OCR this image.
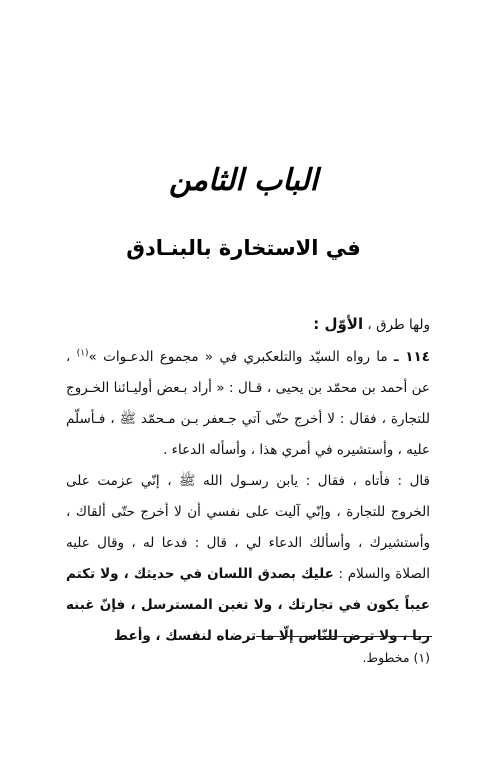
الباب الثامن
في الاستخارة بالبنـادق
ولها طرق ، الأوّل :
١١٤ ـ ما رواه السيّد والتلعكبري في « مجموع الدعـوات »$^{(١)}$ ، عن أحمد بن محمّد بن يحيى ، قـال : « أراد بـعض أوليـائنا الخـروج للتجارة ، فقال : لا أخرج حتّى آتي جـعفر بـن مـحمّد ﷺ ، فـأسلّم عليه ، وأستشيره في أمري هذا ، وأسأله الدعاء .
قال : فأتاه ، فقال : يابن رسـول الله ﷺ ، إنّي عزمت على الخروج للتجارة ، وإنّي آليت على نفسي أن لا أخرج حتّى ألقاك ، وأستشيرك ، وأسألك الدعاء لي ، قال : فدعا له ، وقال عليه الصلاة والسلام : عليك بصدق اللسان في حديثك ، ولا تكتم عيباً يكون في تجارتك ، ولا تغبن المسترسل ، فإنّ غبنه ربا ، ولا ترض للنّاس إلّا ما ترضاه لنفسك ، وأعط
(١) مخطوط.
